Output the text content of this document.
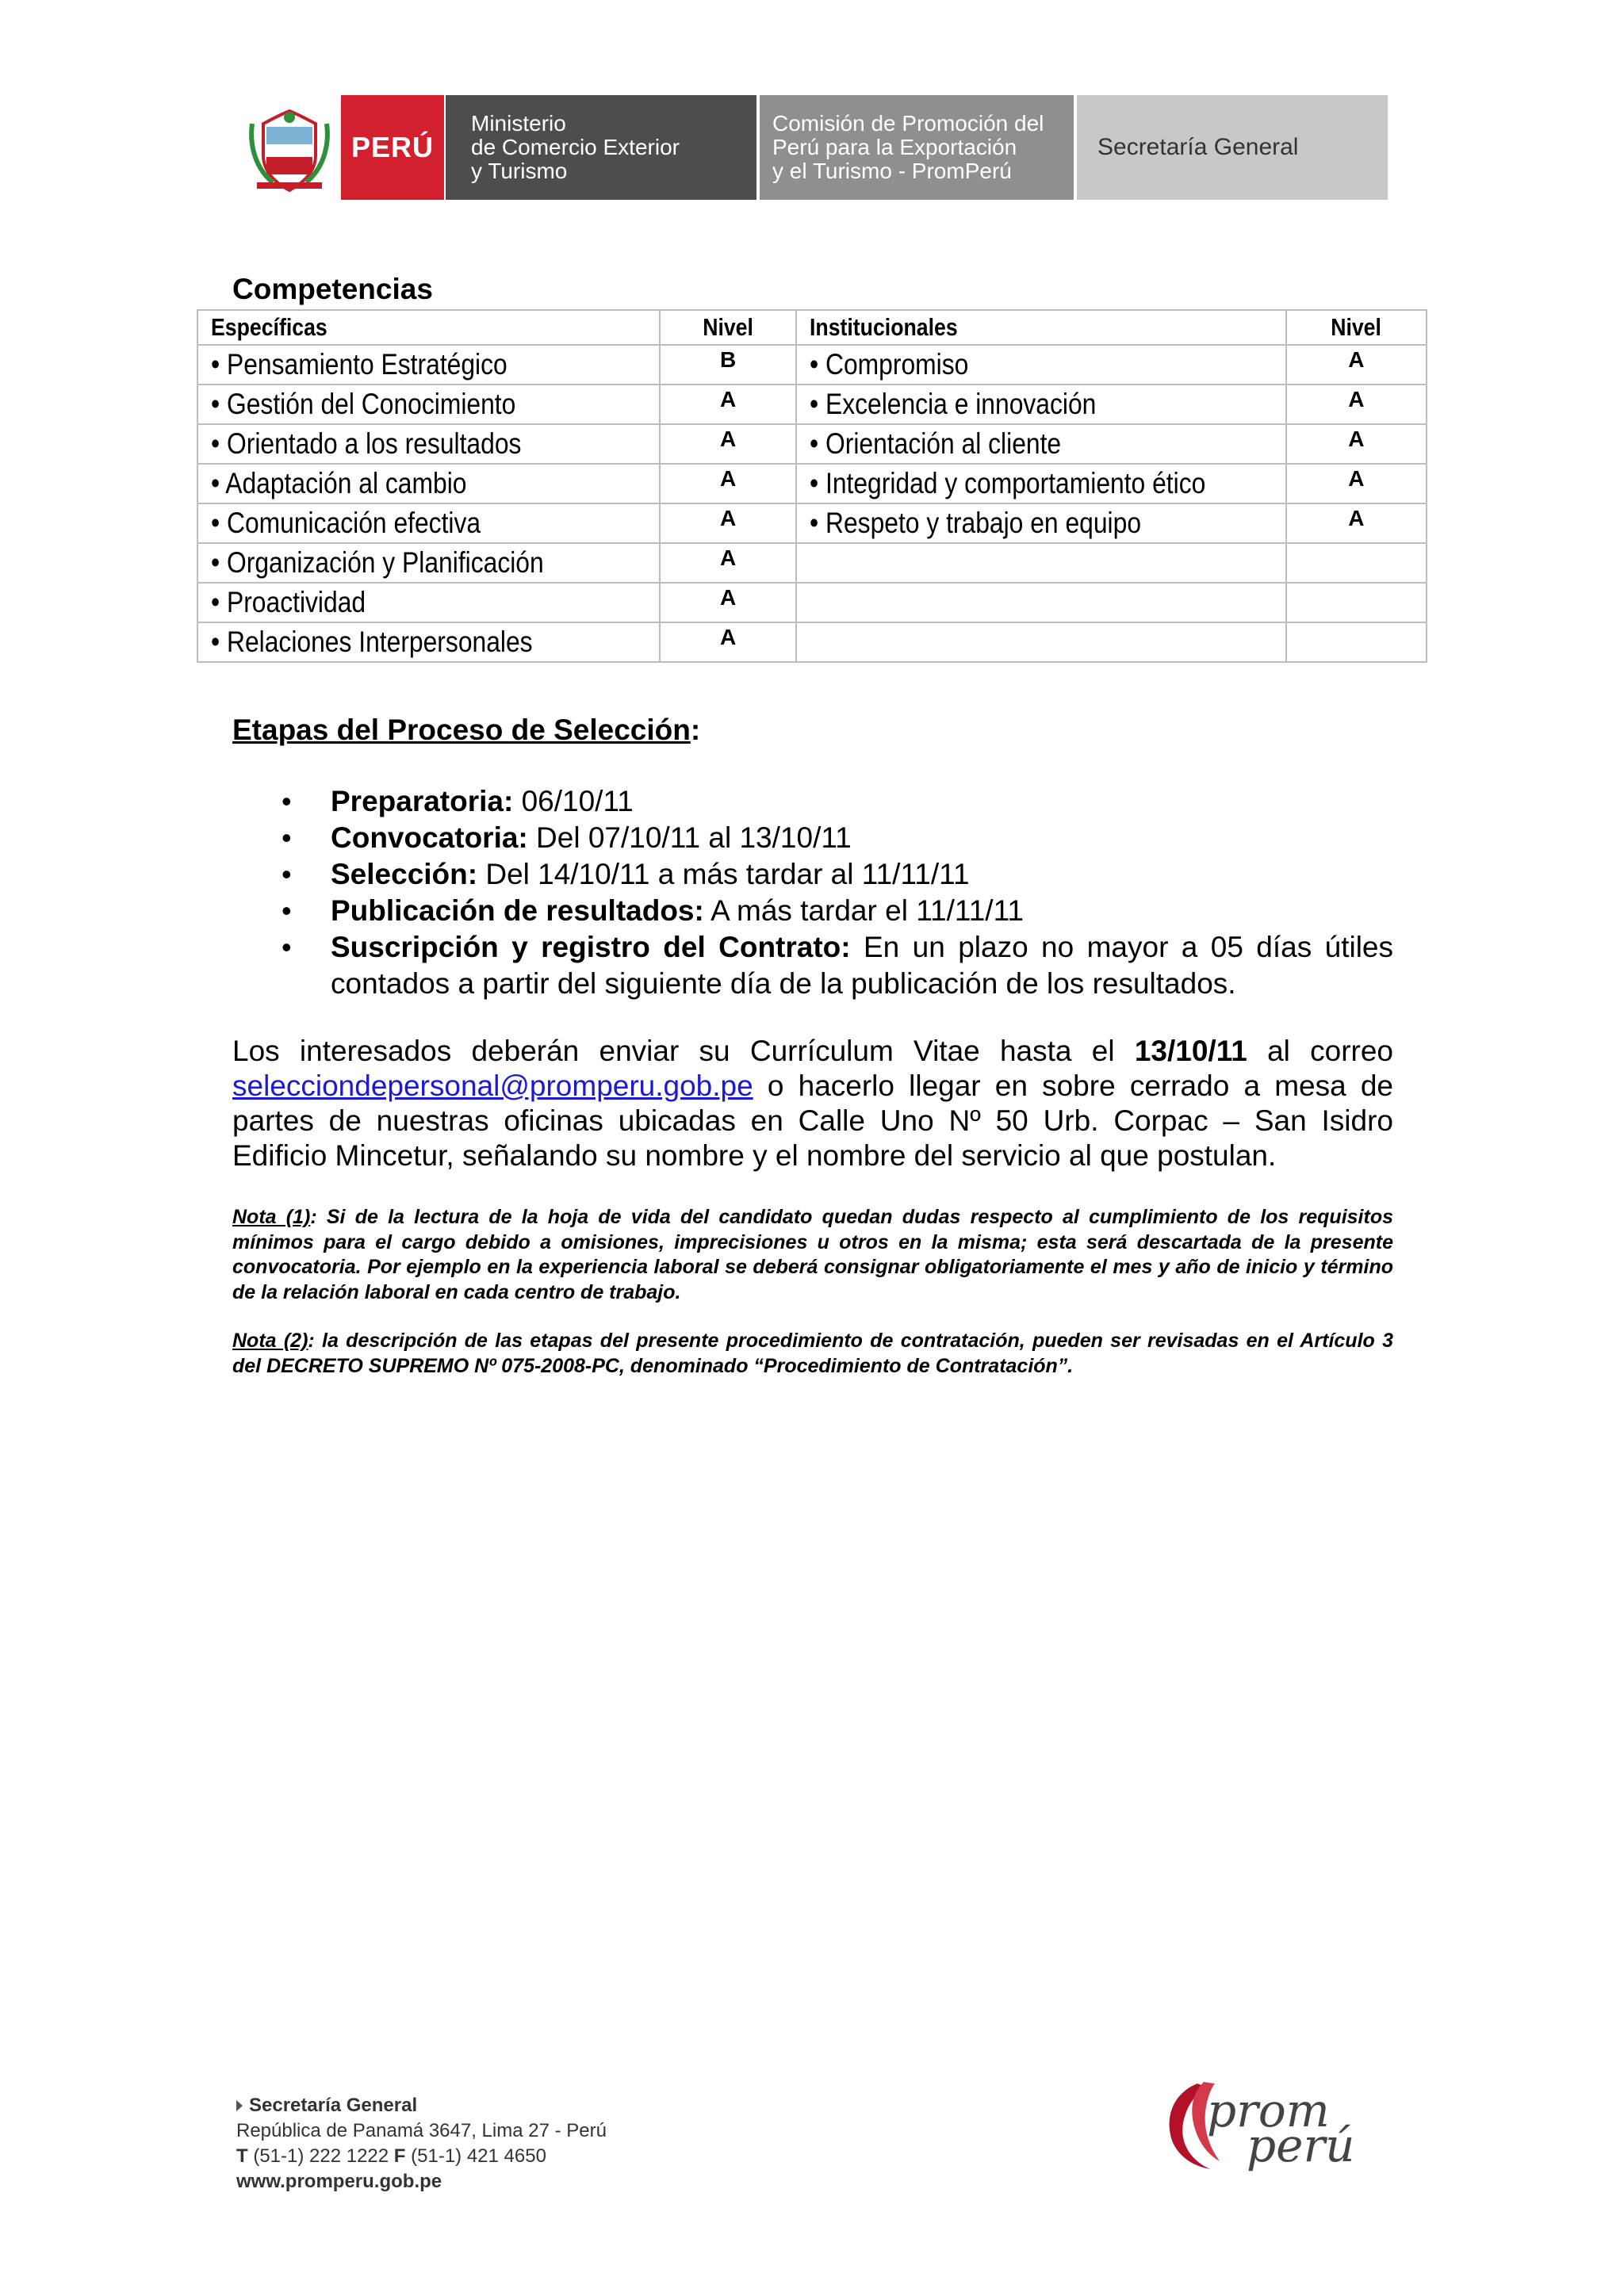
PERÚ
Ministerio
de Comercio Exterior
y Turismo
Comisión de Promoción del
Perú para la Exportación
y el Turismo - PromPerú
Secretaría General
Competencias
Específicas	Nivel	Institucionales	Nivel
• Pensamiento Estratégico	B	• Compromiso	A
• Gestión del Conocimiento	A	• Excelencia e innovación	A
• Orientado a los resultados	A	• Orientación al cliente	A
• Adaptación al cambio	A	• Integridad y comportamiento ético	A
• Comunicación efectiva	A	• Respeto y trabajo en equipo	A
• Organización y Planificación	A		
• Proactividad	A		
• Relaciones Interpersonales	A		
Etapas del Proceso de Selección:
• Preparatoria: 06/10/11
• Convocatoria: Del 07/10/11 al 13/10/11
• Selección: Del 14/10/11 a más tardar al 11/11/11
• Publicación de resultados: A más tardar el 11/11/11
• Suscripción y registro del Contrato: En un plazo no mayor a 05 días útiles contados a partir del siguiente día de la publicación de los resultados.
Los interesados deberán enviar su Currículum Vitae hasta el 13/10/11 al correo selecciondepersonal@promperu.gob.pe o hacerlo llegar en sobre cerrado a mesa de partes de nuestras oficinas ubicadas en Calle Uno Nº 50 Urb. Corpac – San Isidro Edificio Mincetur, señalando su nombre y el nombre del servicio al que postulan.
Nota (1): Si de la lectura de la hoja de vida del candidato quedan dudas respecto al cumplimiento de los requisitos mínimos para el cargo debido a omisiones, imprecisiones u otros en la misma; esta será descartada de la presente convocatoria. Por ejemplo en la experiencia laboral se deberá consignar obligatoriamente el mes y año de inicio y término de la relación laboral en cada centro de trabajo.
Nota (2): la descripción de las etapas del presente procedimiento de contratación, pueden ser revisadas en el Artículo 3 del DECRETO SUPREMO Nº 075-2008-PC, denominado “Procedimiento de Contratación”.
Secretaría General
República de Panamá 3647, Lima 27 - Perú
T (51-1) 222 1222 F (51-1) 421 4650
www.promperu.gob.pe
prom
perú
